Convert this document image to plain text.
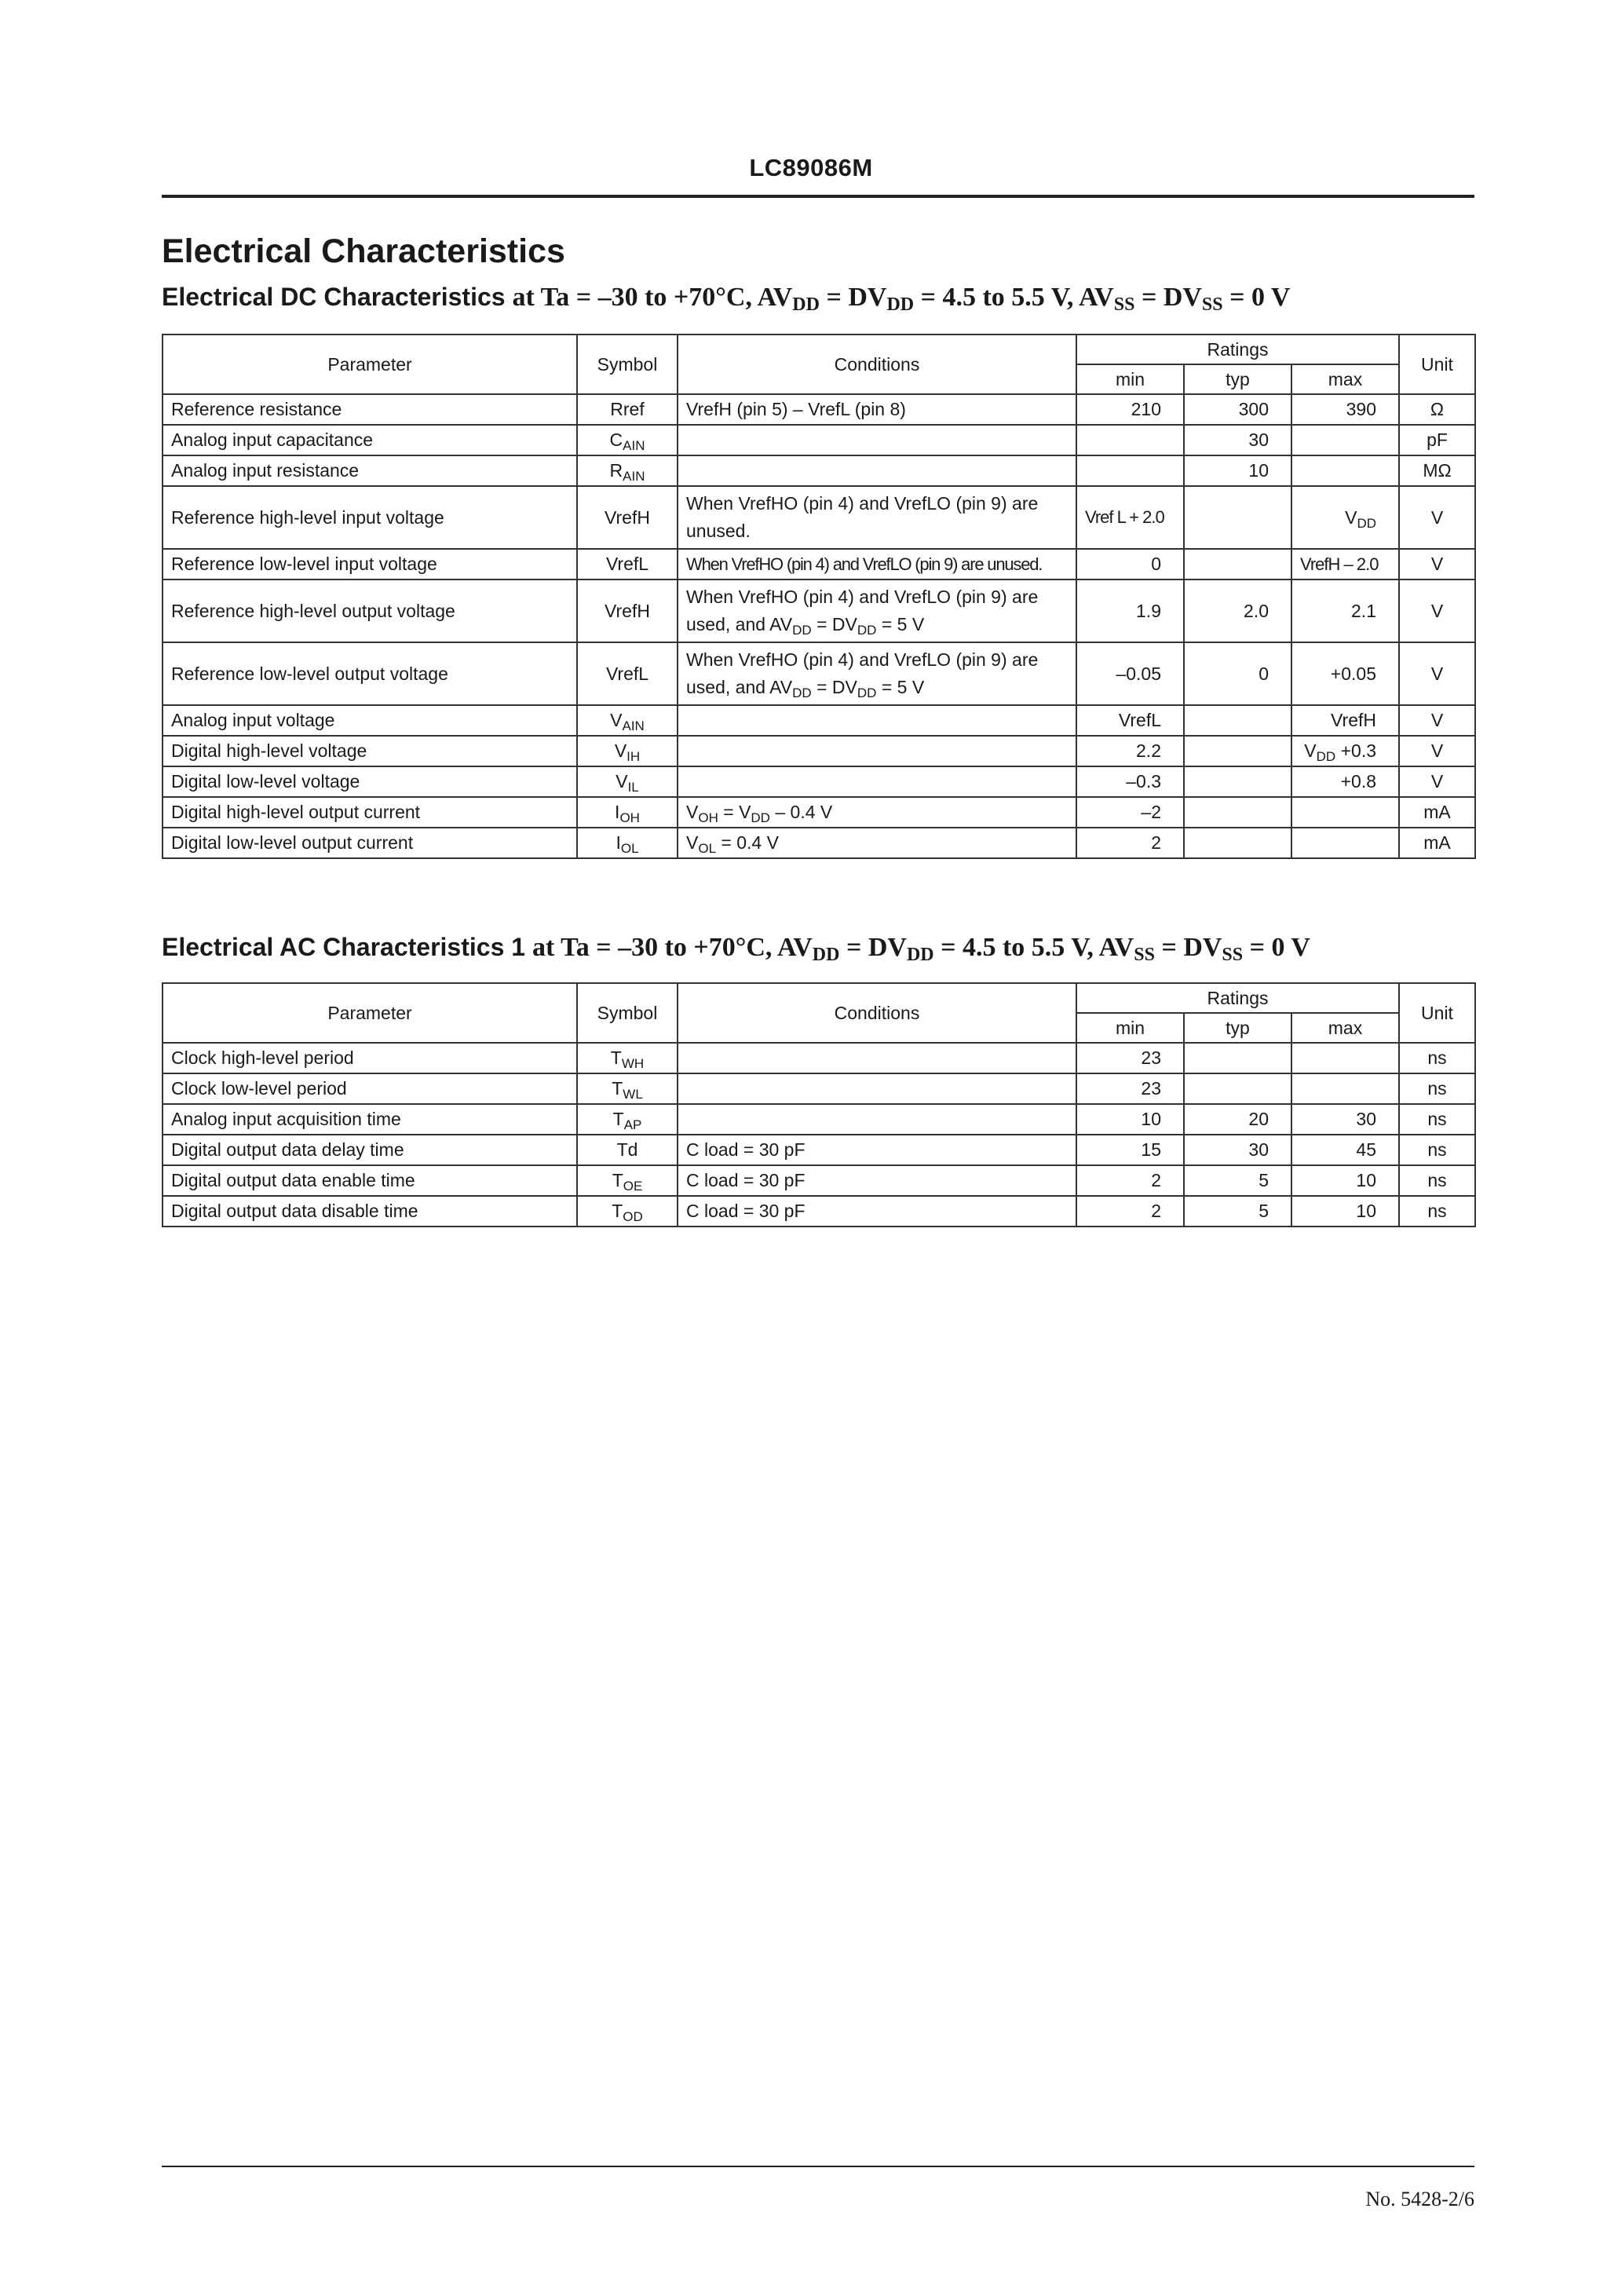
LC89086M
Electrical Characteristics
Electrical DC Characteristics at Ta = –30 to +70°C, $AV_{DD} = DV_{DD} = 4.5$ to 5.5 V, $AV_{SS} = DV_{SS} = 0$ V
Parameter	Symbol	Conditions	Ratings			Unit
			min	typ	max	
Reference resistance	Rref	VrefH (pin 5) – VrefL (pin 8)	210	300	390	Ω
Analog input capacitance	$C_{AIN}$			30		pF
Analog input resistance	$R_{AIN}$			10		MΩ
Reference high-level input voltage	VrefH	When VrefHO (pin 4) and VrefLO (pin 9) are unused.	Vref L + 2.0		$V_{DD}$	V
Reference low-level input voltage	VrefL	When VrefHO (pin 4) and VrefLO (pin 9) are unused.	0		VrefH – 2.0	V
Reference high-level output voltage	VrefH	When VrefHO (pin 4) and VrefLO (pin 9) are used, and $AV_{DD} = DV_{DD} = 5$ V	1.9	2.0	2.1	V
Reference low-level output voltage	VrefL	When VrefHO (pin 4) and VrefLO (pin 9) are used, and $AV_{DD} = DV_{DD} = 5$ V	–0.05	0	+0.05	V
Analog input voltage	$V_{AIN}$		VrefL		VrefH	V
Digital high-level voltage	$V_{IH}$		2.2		$V_{DD} +0.3$	V
Digital low-level voltage	$V_{IL}$		–0.3		+0.8	V
Digital high-level output current	$I_{OH}$	$V_{OH} = V_{DD} - 0.4$ V	–2			mA
Digital low-level output current	$I_{OL}$	$V_{OL} = 0.4$ V	2			mA
Electrical AC Characteristics 1 at Ta = –30 to +70°C, $AV_{DD} = DV_{DD} = 4.5$ to 5.5 V, $AV_{SS} = DV_{SS} = 0$ V
Parameter	Symbol	Conditions	Ratings			Unit
			min	typ	max	
Clock high-level period	$T_{WH}$		23			ns
Clock low-level period	$T_{WL}$		23			ns
Analog input acquisition time	$T_{AP}$		10	20	30	ns
Digital output data delay time	Td	C load = 30 pF	15	30	45	ns
Digital output data enable time	$T_{OE}$	C load = 30 pF	2	5	10	ns
Digital output data disable time	$T_{OD}$	C load = 30 pF	2	5	10	ns
No. 5428-2/6
